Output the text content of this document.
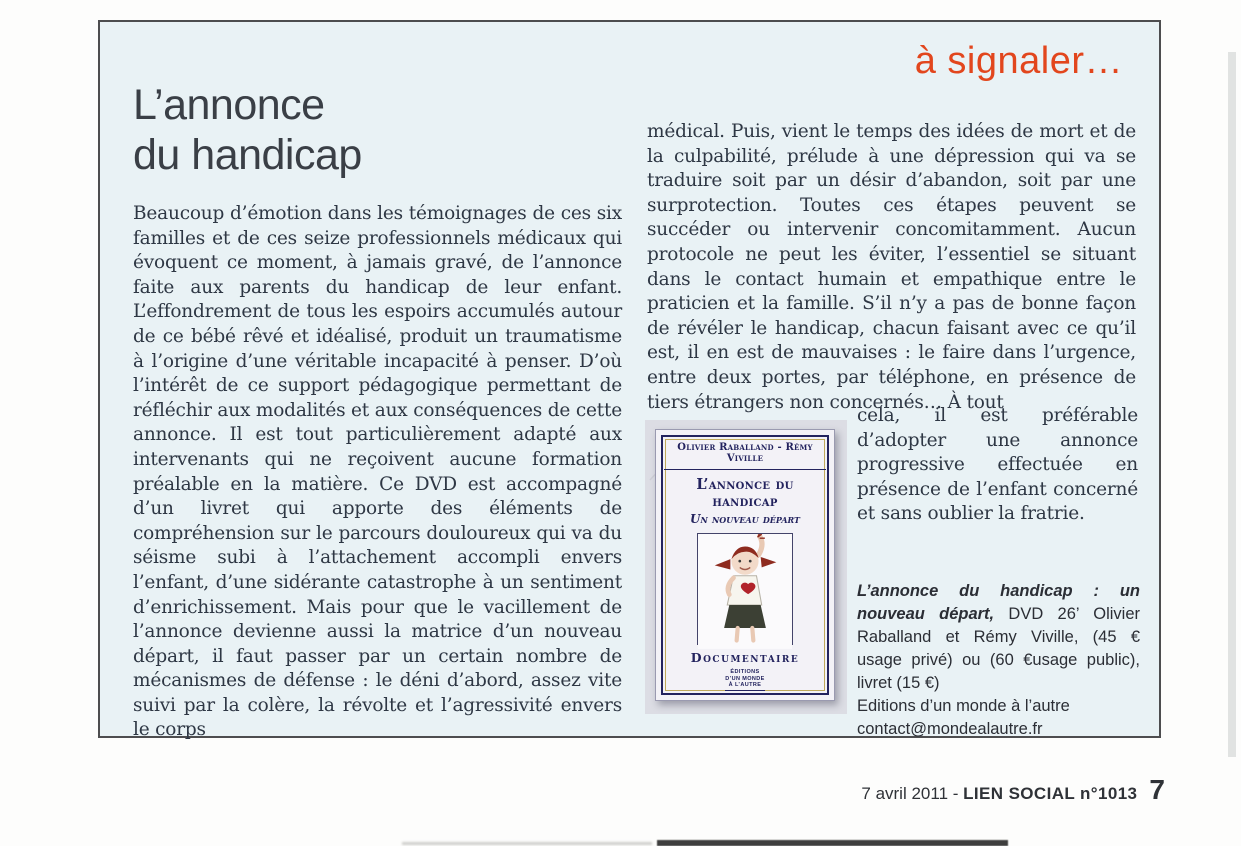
à signaler…
L’annonce
du handicap
Beaucoup d’émotion dans les témoignages de ces six familles et de ces seize professionnels médicaux qui évoquent ce moment, à jamais gravé, de l’annonce faite aux parents du handicap de leur enfant. L’effondrement de tous les espoirs accumulés autour de ce bébé rêvé et idéalisé, produit un traumatisme à l’origine d’une véritable incapacité à penser. D’où l’intérêt de ce support pédagogique permettant de réfléchir aux modalités et aux conséquences de cette annonce. Il est tout particulièrement adapté aux intervenants qui ne reçoivent aucune formation préalable en la matière. Ce DVD est accompagné d’un livret qui apporte des éléments de compréhension sur le parcours douloureux qui va du séisme subi à l’attachement accompli envers l’enfant, d’une sidérante catastrophe à un sentiment d’enrichissement. Mais pour que le vacillement de l’annonce devienne aussi la matrice d’un nouveau départ, il faut passer par un certain nombre de mécanismes de défense : le déni d’abord, assez vite suivi par la colère, la révolte et l’agressivité envers le corps
médical. Puis, vient le temps des idées de mort et de la culpabilité, prélude à une dépression qui va se traduire soit par un désir d’abandon, soit par une surprotection. Toutes ces étapes peuvent se succéder ou intervenir concomitamment. Aucun protocole ne peut les éviter, l’essentiel se situant dans le contact humain et empathique entre le praticien et la famille. S’il n’y a pas de bonne façon de révéler le handicap, chacun faisant avec ce qu’il est, il en est de mauvaises : le faire dans l’urgence, entre deux portes, par téléphone, en présence de tiers étrangers non concernés… À tout
cela, il est préférable d’adopter une annonce progressive effectuée en présence de l’enfant concerné et sans oublier la fratrie.
Olivier Raballand - Rémy Viville
L’annonce du handicap
Un nouveau départ
Documentaire
ÉDITIONS
D’UN MONDE
À L’AUTRE
L’annonce du handicap : un nouveau départ, DVD 26’ Olivier Raballand et Rémy Viville, (45 € usage privé) ou (60 €usage public), livret (15 €)
Editions d’un monde à l’autre
contact@mondealautre.fr
7 avril 2011 - LIEN SOCIAL n°1013 7
